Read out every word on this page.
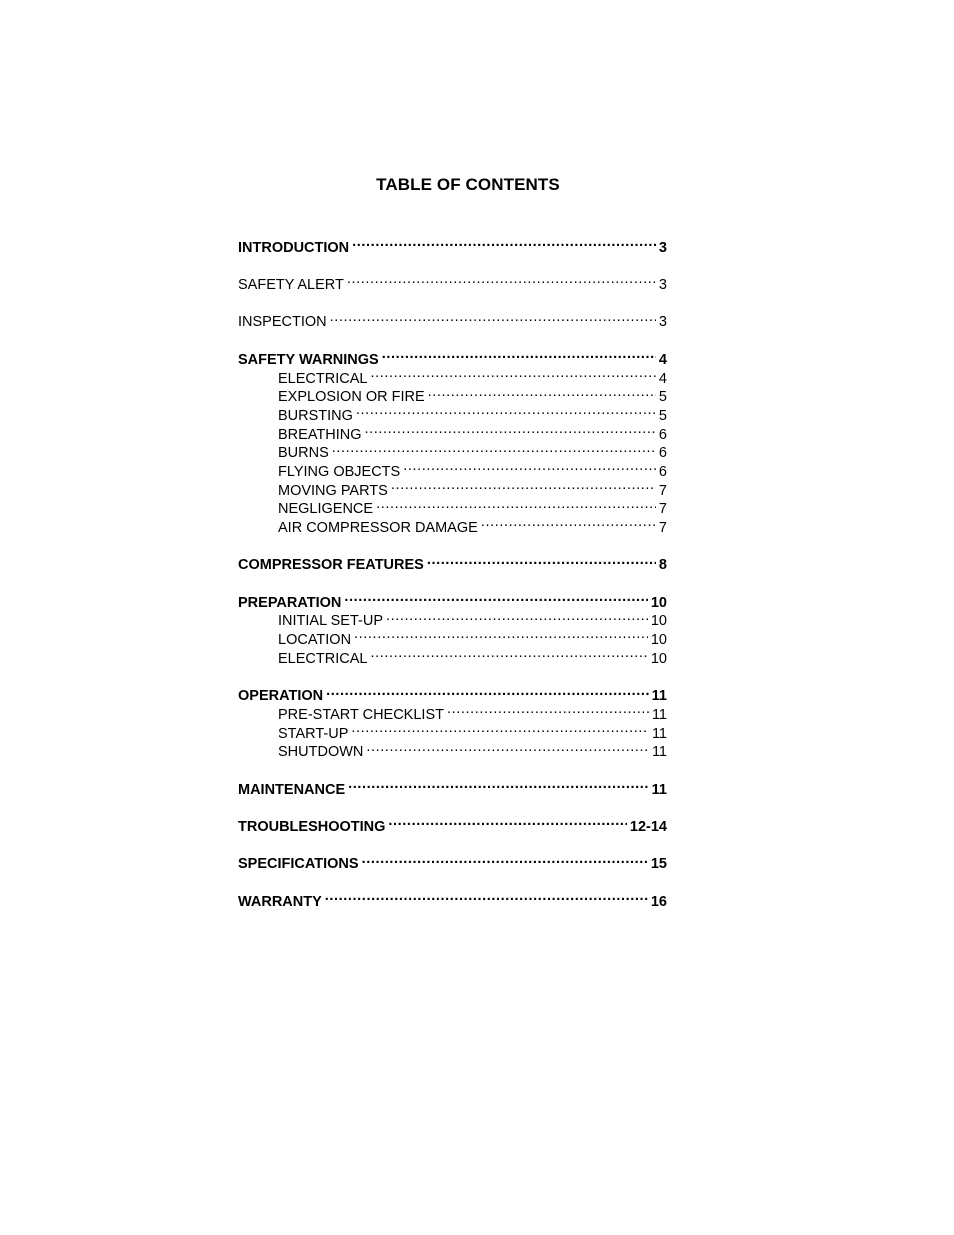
TABLE OF CONTENTS
INTRODUCTION .....	3
SAFETY ALERT .....	3
INSPECTION .....	3
SAFETY WARNINGS .....	4
ELECTRICAL .....	4
EXPLOSION OR FIRE .....	5
BURSTING .....	5
BREATHING .....	6
BURNS .....	6
FLYING OBJECTS .....	6
MOVING PARTS .....	7
NEGLIGENCE .....	7
AIR COMPRESSOR DAMAGE .....	7
COMPRESSOR FEATURES .....	8
PREPARATION .....	10
INITIAL SET-UP .....	10
LOCATION .....	10
ELECTRICAL .....	10
OPERATION .....	11
PRE-START CHECKLIST .....	11
START-UP .....	11
SHUTDOWN .....	11
MAINTENANCE .....	11
TROUBLESHOOTING .....	12-14
SPECIFICATIONS .....	15
WARRANTY .....	16
